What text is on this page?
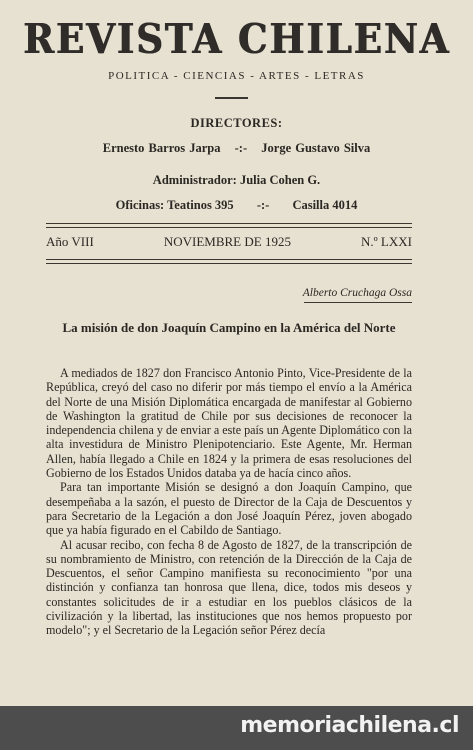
REVISTA CHILENA
POLITICA - CIENCIAS - ARTES - LETRAS
DIRECTORES:
Ernesto Barros Jarpa -:- Jorge Gustavo Silva
Administrador: Julia Cohen G.
Oficinas: Teatinos 395 -:- Casilla 4014
Año VIII	NOVIEMBRE DE 1925	N.º LXXI
Alberto Cruchaga Ossa
La misión de don Joaquín Campino en la América del Norte

A mediados de 1827 don Francisco Antonio Pinto, Vice-Presidente de la República, creyó del caso no diferir por más tiempo el envío a la América del Norte de una Misión Diplomática encargada de manifestar al Gobierno de Washington la gratitud de Chile por sus decisiones de reconocer la independencia chilena y de enviar a este país un Agente Diplomático con la alta investidura de Ministro Plenipotenciario. Este Agente, Mr. Herman Allen, había llegado a Chile en 1824 y la primera de esas resoluciones del Gobierno de los Estados Unidos databa ya de hacía cinco años.

Para tan importante Misión se designó a don Joaquín Campino, que desempeñaba a la sazón, el puesto de Director de la Caja de Descuentos y para Secretario de la Legación a don José Joaquín Pérez, joven abogado que ya había figurado en el Cabildo de Santiago.

Al acusar recibo, con fecha 8 de Agosto de 1827, de la transcripción de su nombramiento de Ministro, con retención de la Dirección de la Caja de Descuentos, el señor Campino manifiesta su reconocimiento "por una distinción y confianza tan honrosa que llena, dice, todos mis deseos y constantes solicitudes de ir a estudiar en los pueblos clásicos de la civilización y la libertad, las instituciones que nos hemos propuesto por modelo"; y el Secretario de la Legación señor Pérez decía

memoriachilena.cl
